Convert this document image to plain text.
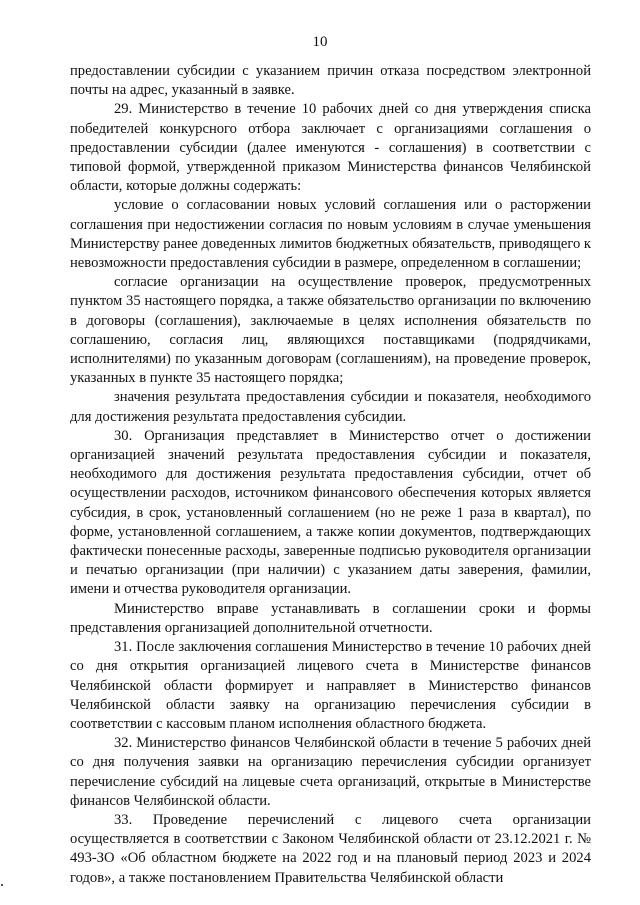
10

предоставлении субсидии с указанием причин отказа посредством электронной почты на адрес, указанный в заявке.

29. Министерство в течение 10 рабочих дней со дня утверждения списка победителей конкурсного отбора заключает с организациями соглашения о предоставлении субсидии (далее именуются - соглашения) в соответствии с типовой формой, утвержденной приказом Министерства финансов Челябинской области, которые должны содержать:

условие о согласовании новых условий соглашения или о расторжении соглашения при недостижении согласия по новым условиям в случае уменьшения Министерству ранее доведенных лимитов бюджетных обязательств, приводящего к невозможности предоставления субсидии в размере, определенном в соглашении;

согласие организации на осуществление проверок, предусмотренных пунктом 35 настоящего порядка, а также обязательство организации по включению в договоры (соглашения), заключаемые в целях исполнения обязательств по соглашению, согласия лиц, являющихся поставщиками (подрядчиками, исполнителями) по указанным договорам (соглашениям), на проведение проверок, указанных в пункте 35 настоящего порядка;

значения результата предоставления субсидии и показателя, необходимого для достижения результата предоставления субсидии.

30. Организация представляет в Министерство отчет о достижении организацией значений результата предоставления субсидии и показателя, необходимого для достижения результата предоставления субсидии, отчет об осуществлении расходов, источником финансового обеспечения которых является субсидия, в срок, установленный соглашением (но не реже 1 раза в квартал), по форме, установленной соглашением, а также копии документов, подтверждающих фактически понесенные расходы, заверенные подписью руководителя организации и печатью организации (при наличии) с указанием даты заверения, фамилии, имени и отчества руководителя организации.

Министерство вправе устанавливать в соглашении сроки и формы представления организацией дополнительной отчетности.

31. После заключения соглашения Министерство в течение 10 рабочих дней со дня открытия организацией лицевого счета в Министерстве финансов Челябинской области формирует и направляет в Министерство финансов Челябинской области заявку на организацию перечисления субсидии в соответствии с кассовым планом исполнения областного бюджета.

32. Министерство финансов Челябинской области в течение 5 рабочих дней со дня получения заявки на организацию перечисления субсидии организует перечисление субсидий на лицевые счета организаций, открытые в Министерстве финансов Челябинской области.

33. Проведение перечислений с лицевого счета организации осуществляется в соответствии с Законом Челябинской области от 23.12.2021 г. № 493-ЗО «Об областном бюджете на 2022 год и на плановый период 2023 и 2024 годов», а также постановлением Правительства Челябинской области
